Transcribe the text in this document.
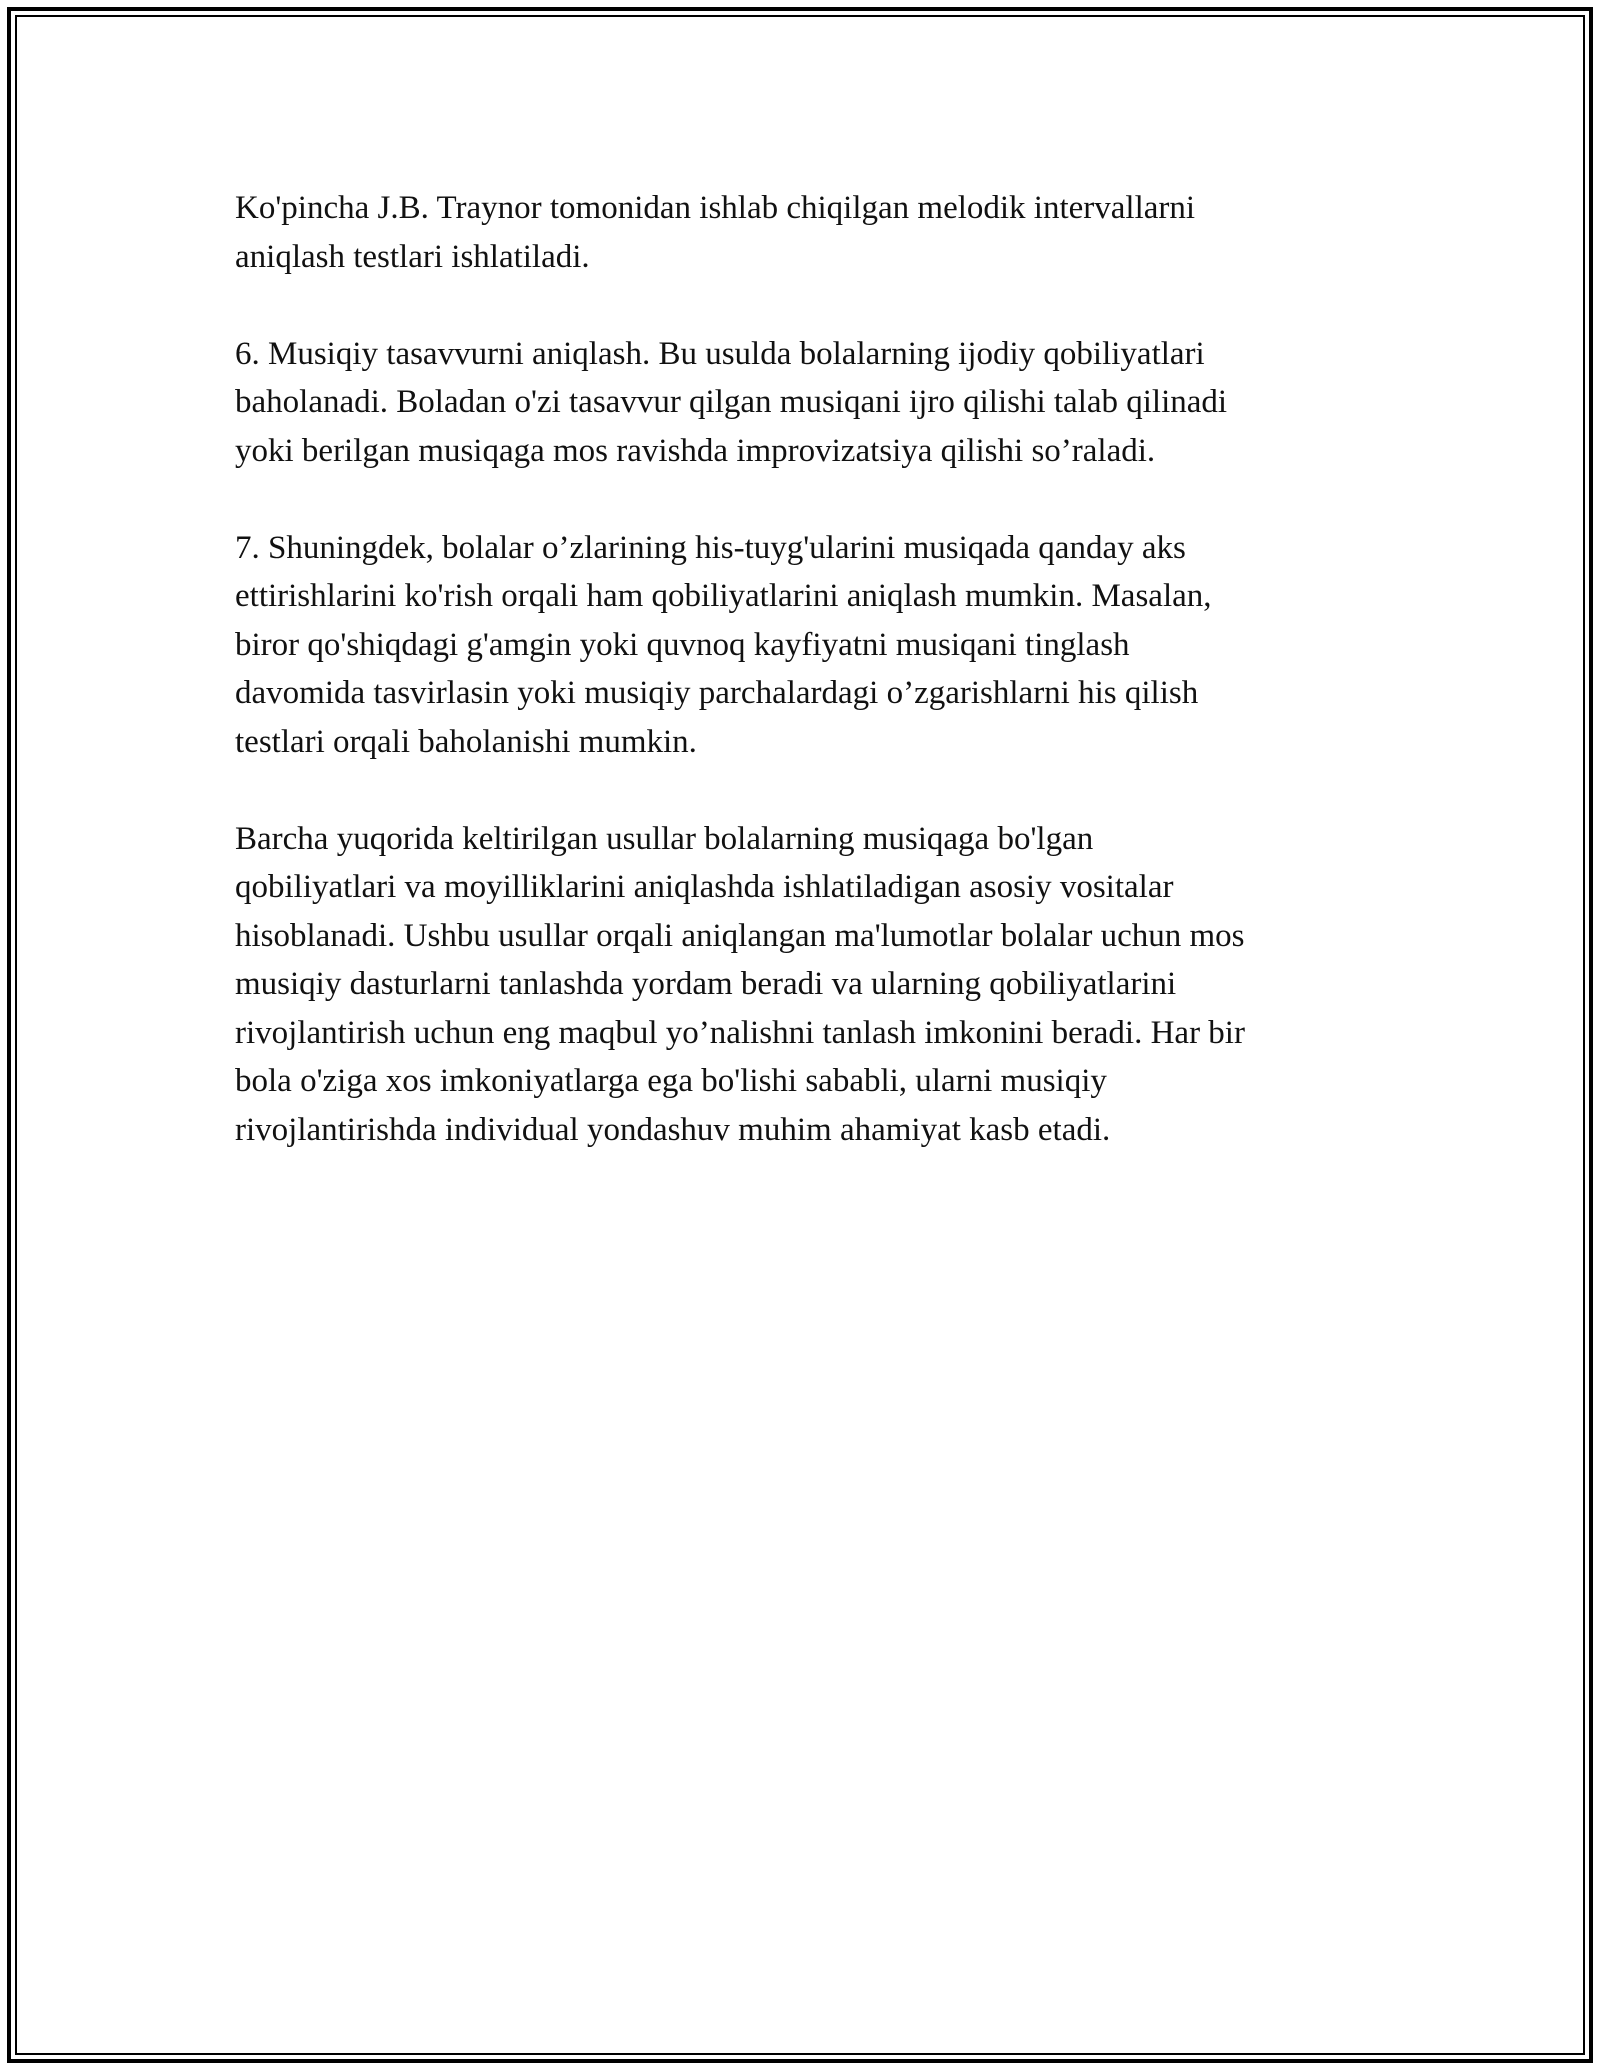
Ko'pincha J.B. Traynor tomonidan ishlab chiqilgan melodik intervallarni
aniqlash testlari ishlatiladi.

6. Musiqiy tasavvurni aniqlash. Bu usulda bolalarning ijodiy qobiliyatlari
baholanadi. Boladan o'zi tasavvur qilgan musiqani ijro qilishi talab qilinadi
yoki berilgan musiqaga mos ravishda improvizatsiya qilishi so’raladi.

7. Shuningdek, bolalar o’zlarining his-tuyg'ularini musiqada qanday aks
ettirishlarini ko'rish orqali ham qobiliyatlarini aniqlash mumkin. Masalan,
biror qo'shiqdagi g'amgin yoki quvnoq kayfiyatni musiqani tinglash
davomida tasvirlasin yoki musiqiy parchalardagi o’zgarishlarni his qilish
testlari orqali baholanishi mumkin.

Barcha yuqorida keltirilgan usullar bolalarning musiqaga bo'lgan
qobiliyatlari va moyilliklarini aniqlashda ishlatiladigan asosiy vositalar
hisoblanadi. Ushbu usullar orqali aniqlangan ma'lumotlar bolalar uchun mos
musiqiy dasturlarni tanlashda yordam beradi va ularning qobiliyatlarini
rivojlantirish uchun eng maqbul yo’nalishni tanlash imkonini beradi. Har bir
bola o'ziga xos imkoniyatlarga ega bo'lishi sababli, ularni musiqiy
rivojlantirishda individual yondashuv muhim ahamiyat kasb etadi.
